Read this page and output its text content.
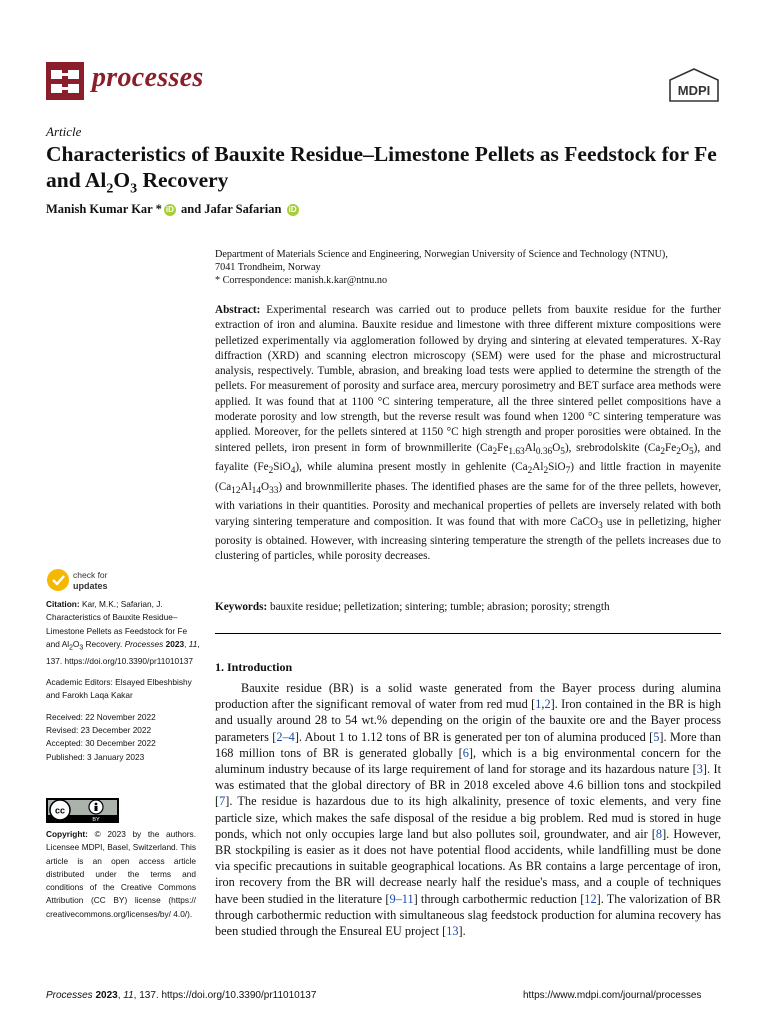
processes	MDPI
Article
Characteristics of Bauxite Residue–Limestone Pellets as Feedstock for Fe and $Al_2O_3$ Recovery
Manish Kumar Kar * iD and Jafar Safarian iD
Department of Materials Science and Engineering, Norwegian University of Science and Technology (NTNU),
7041 Trondheim, Norway
* Correspondence: manish.k.kar@ntnu.no
Abstract: Experimental research was carried out to produce pellets from bauxite residue for the further extraction of iron and alumina. Bauxite residue and limestone with three different mixture compositions were pelletized experimentally via agglomeration followed by drying and sintering at elevated temperatures. X-Ray diffraction (XRD) and scanning electron microscopy (SEM) were used for the phase and microstructural analysis, respectively. Tumble, abrasion, and breaking load tests were applied to determine the strength of the pellets. For measurement of porosity and surface area, mercury porosimetry and BET surface area methods were applied. It was found that at 1100 °C sintering temperature, all the three sintered pellet compositions have a moderate porosity and low strength, but the reverse result was found when 1200 °C sintering temperature was applied. Moreover, for the pellets sintered at 1150 °C high strength and proper porosities were obtained. In the sintered pellets, iron present in form of brownmillerite $(Ca_2Fe_{1.63}Al_{0.36}O_5)$, srebrodolskite $(Ca_2Fe_2O_5)$, and fayalite $(Fe_2SiO_4)$, while alumina present mostly in gehlenite $(Ca_2Al_2SiO_7)$ and little fraction in mayenite $(Ca_{12}Al_{14}O_{33})$ and brownmillerite phases. The identified phases are the same for of the three pellets, however, with variations in their quantities. Porosity and mechanical properties of pellets are inversely related with both varying sintering temperature and composition. It was found that with more CaCO$_3$ use in pelletizing, higher porosity is obtained. However, with increasing sintering temperature the strength of the pellets increases due to clustering of particles, while porosity decreases.
Keywords: bauxite residue; pelletization; sintering; tumble; abrasion; porosity; strength
1. Introduction
Bauxite residue (BR) is a solid waste generated from the Bayer process during alumina production after the significant removal of water from red mud [1,2]. Iron contained in the BR is high and usually around 28 to 54 wt.% depending on the origin of the bauxite ore and the Bayer process parameters [2–4]. About 1 to 1.12 tons of BR is generated per ton of alumina produced [5]. More than 168 million tons of BR is generated globally [6], which is a big environmental concern for the aluminum industry because of its large requirement of land for storage and its hazardous nature [3]. It was estimated that the global directory of BR in 2018 exceled above 4.6 billion tons and stockpiled [7]. The residue is hazardous due to its high alkalinity, presence of toxic elements, and very fine particle size, which makes the safe disposal of the residue a big problem. Red mud is stored in huge ponds, which not only occupies large land but also pollutes soil, groundwater, and air [8]. However, BR stockpiling is easier as it does not have potential flood accidents, while landfilling must be done via specific precautions in suitable geographical locations. As BR contains a large percentage of iron, iron recovery from the BR will decrease nearly half the residue's mass, and a couple of techniques have been studied in the literature [9–11] through carbothermic reduction [12]. The valorization of BR through carbothermic reduction with simultaneous slag feedstock production for alumina recovery has been studied through the Ensureal EU project [13].
check for
updates

Citation: Kar, M.K.; Safarian, J. Characteristics of Bauxite Residue–Limestone Pellets as Feedstock for Fe and $Al_2O_3$ Recovery. Processes 2023, 11, 137. https://doi.org/10.3390/pr11010137

Academic Editors: Elsayed Elbeshbishy and Farokh Laqa Kakar

Received: 22 November 2022
Revised: 23 December 2022
Accepted: 30 December 2022
Published: 3 January 2023
cc
BY
Copyright: © 2023 by the authors. Licensee MDPI, Basel, Switzerland. This article is an open access article distributed under the terms and conditions of the Creative Commons Attribution (CC BY) license (https:// creativecommons.org/licenses/by/ 4.0/).
Processes 2023, 11, 137. https://doi.org/10.3390/pr11010137	https://www.mdpi.com/journal/processes
